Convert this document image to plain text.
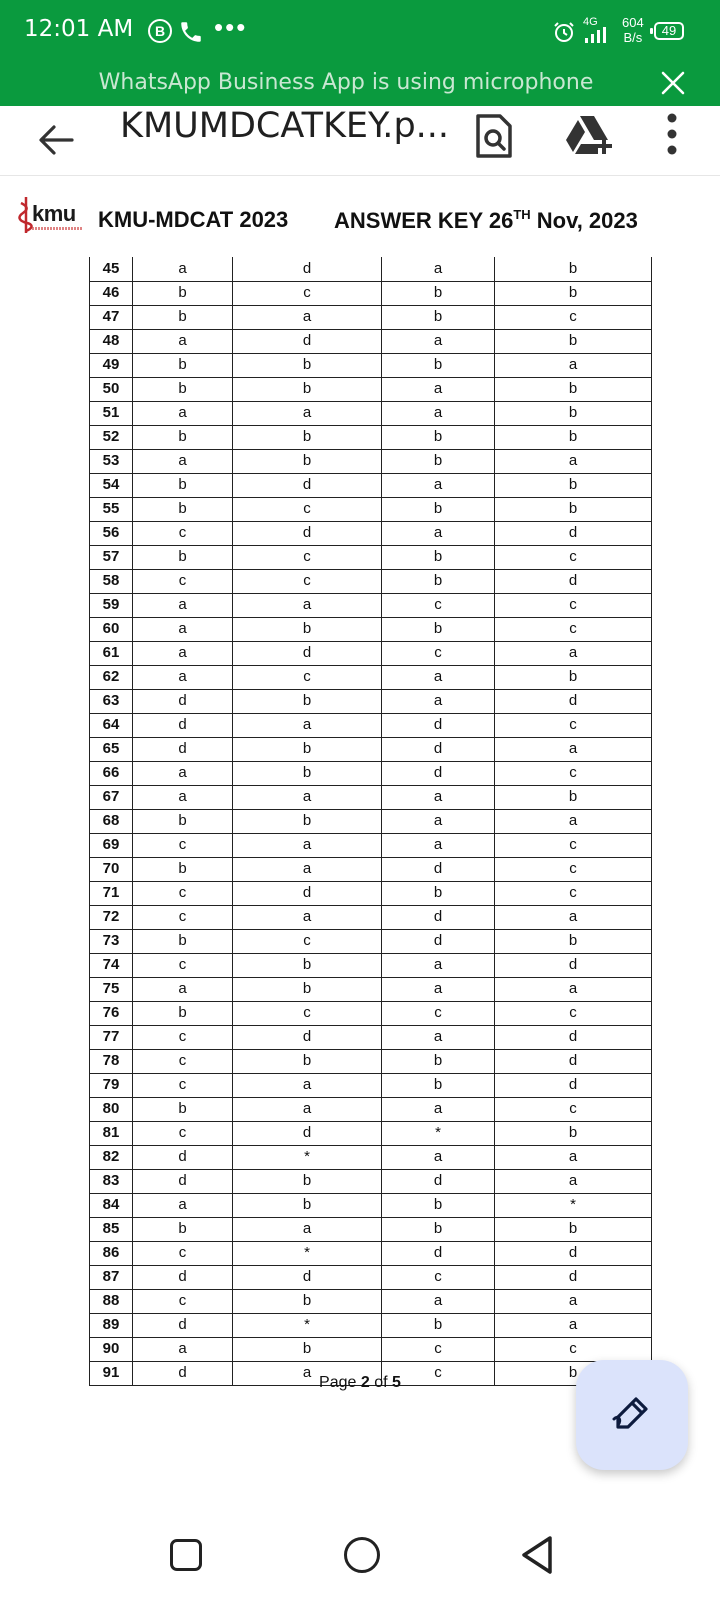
12:01 AM	B •••	4G 604
B/s	49
WhatsApp Business App is using microphone
KMUMDCATKEY.p...
kmu KMU-MDCAT 2023 ANSWER KEY 26TH Nov, 2023
45	a	d	a	b
46	b	c	b	b
47	b	a	b	c
48	a	d	a	b
49	b	b	b	a
50	b	b	a	b
51	a	a	a	b
52	b	b	b	b
53	a	b	b	a
54	b	d	a	b
55	b	c	b	b
56	c	d	a	d
57	b	c	b	c
58	c	c	b	d
59	a	a	c	c
60	a	b	b	c
61	a	d	c	a
62	a	c	a	b
63	d	b	a	d
64	d	a	d	c
65	d	b	d	a
66	a	b	d	c
67	a	a	a	b
68	b	b	a	a
69	c	a	a	c
70	b	a	d	c
71	c	d	b	c
72	c	a	d	a
73	b	c	d	b
74	c	b	a	d
75	a	b	a	a
76	b	c	c	c
77	c	d	a	d
78	c	b	b	d
79	c	a	b	d
80	b	a	a	c
81	c	d	*	b
82	d	*	a	a
83	d	b	d	a
84	a	b	b	*
85	b	a	b	b
86	c	*	d	d
87	d	d	c	d
88	c	b	a	a
89	d	*	b	a
90	a	b	c	c
91	d	a	c	b
Page 2 of 5
